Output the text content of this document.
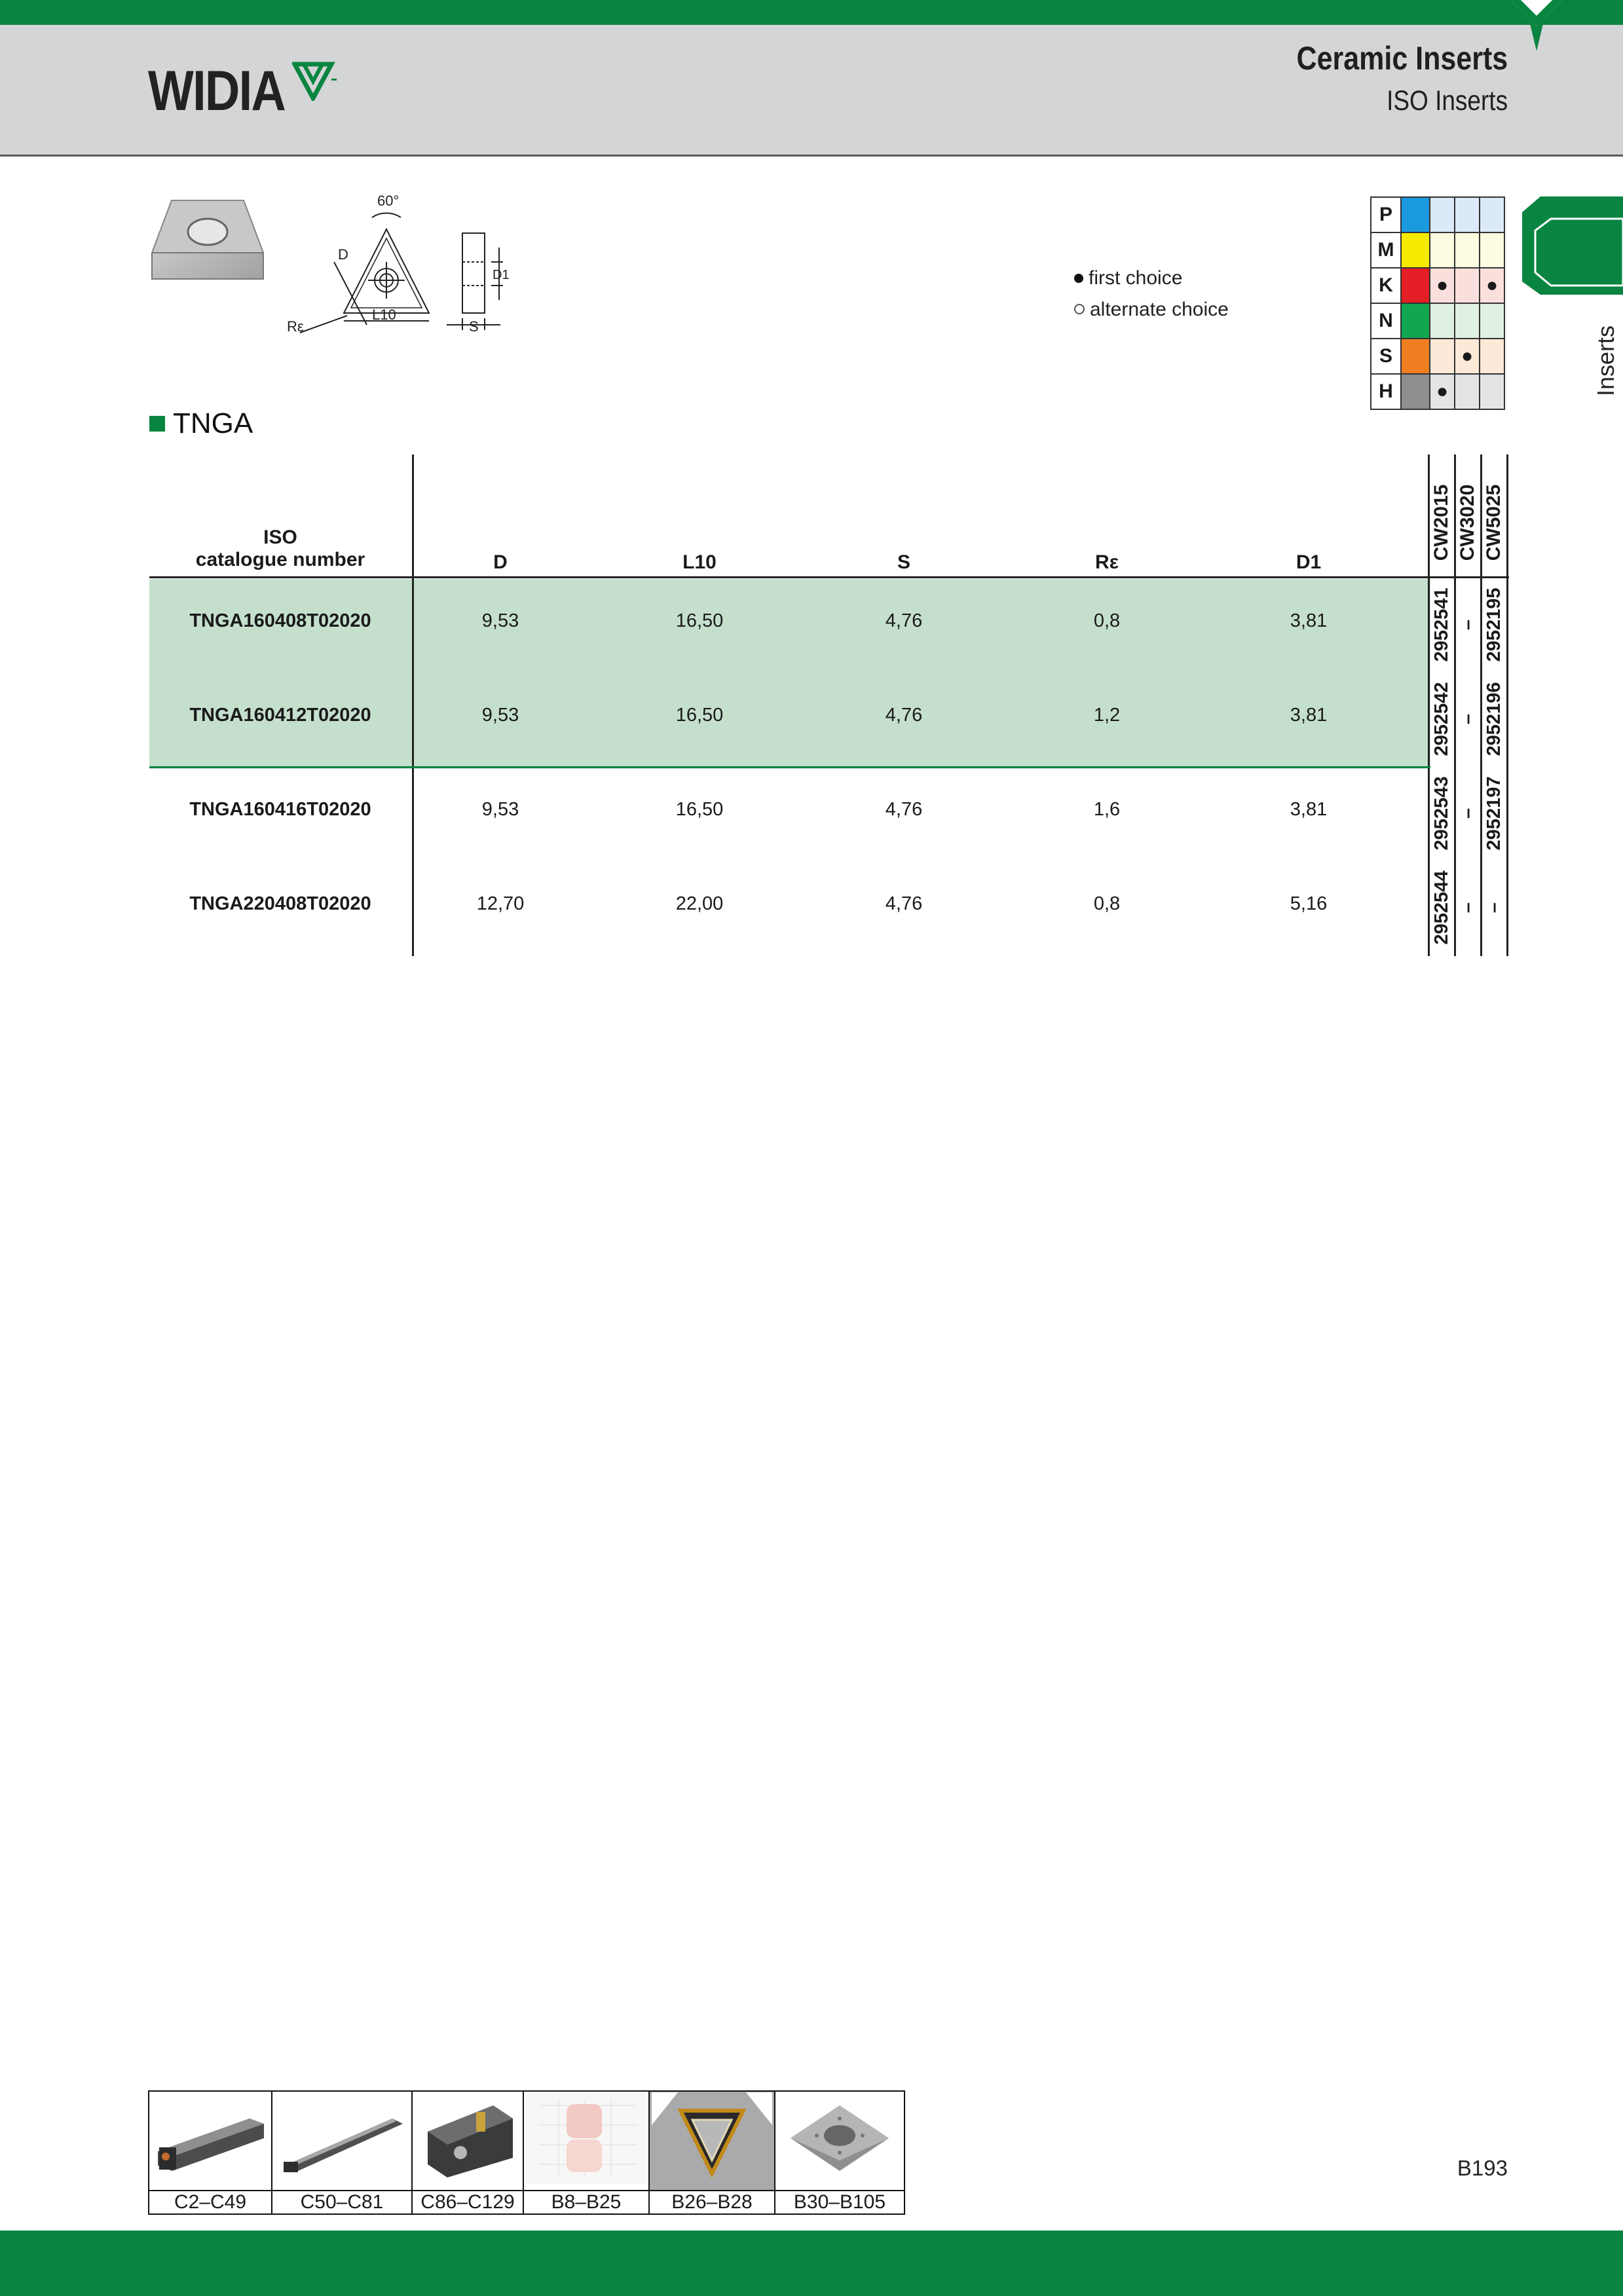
WIDIA
Ceramic Inserts
ISO Inserts
Inserts
60°
D
D1
L10
S
Rε
first choice
alternate choice
P				
M				
K		●		●
N				
S			●	
H		●		
TNGA
ISO
catalogue number	D	L10	S	Rε	D1
CW2015 CW3020 CW5025
TNGA160408T02020	9,53	16,50	4,76	0,8	3,81	2952541 – 2952195
TNGA160412T02020	9,53	16,50	4,76	1,2	3,81	2952542 – 2952196
TNGA160416T02020	9,53	16,50	4,76	1,6	3,81	2952543 – 2952197
TNGA220408T02020	12,70	22,00	4,76	0,8	5,16	2952544 – –

C2–C49	C50–C81	C86–C129	B8–B25	B26–B28	B30–B105
B193
